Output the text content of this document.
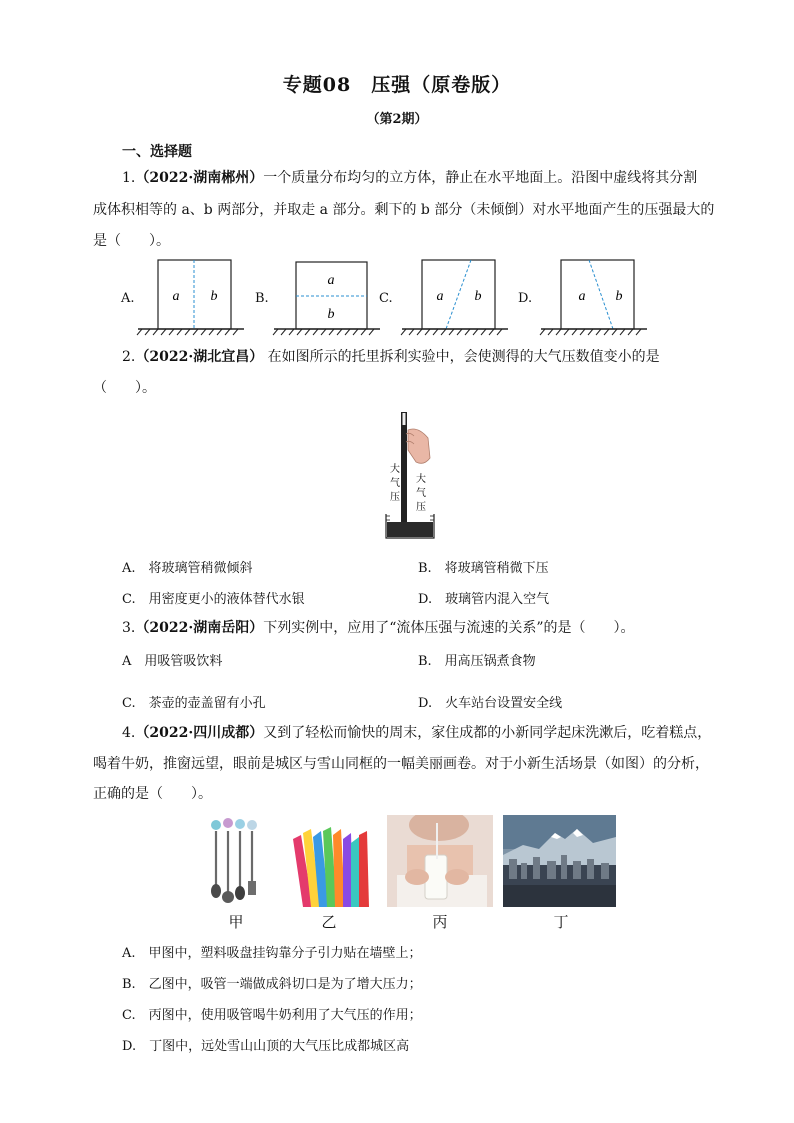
专题08　压强（原卷版）
（第2期）
一、选择题
1.（2022·湖南郴州）一个质量分布均匀的立方体，静止在水平地面上。沿图中虚线将其分割
成体积相等的 a、b 两部分，并取走 a 部分。剩下的 b 部分（未倾倒）对水平地面产生的压强最大的
是（　　）。
A.	a b	B.
a
b
C.	a b	D.	a b
2.（2022·湖北宜昌） 在如图所示的托里拆利实验中，会使测得的大气压数值变小的是
（　　）。
大
气
压
大
气
压
A.　将玻璃管稍微倾斜	B.　将玻璃管稍微下压
C.　用密度更小的液体替代水银	D.　玻璃管内混入空气
3.（2022·湖南岳阳）下列实例中，应用了“流体压强与流速的关系”的是（　　）。
A　用吸管吸饮料	B.　用高压锅煮食物
C.　茶壶的壶盖留有小孔	D.　火车站台设置安全线
4.（2022·四川成都）又到了轻松而愉快的周末，家住成都的小新同学起床洗漱后，吃着糕点，
喝着牛奶，推窗远望，眼前是城区与雪山同框的一幅美丽画卷。对于小新生活场景（如图）的分析，
正确的是（　　）。
甲	乙	丙	丁
A.　甲图中，塑料吸盘挂钩靠分子引力贴在墙壁上；
B.　乙图中，吸管一端做成斜切口是为了增大压力；
C.　丙图中，使用吸管喝牛奶利用了大气压的作用；
D.　丁图中，远处雪山山顶的大气压比成都城区高
